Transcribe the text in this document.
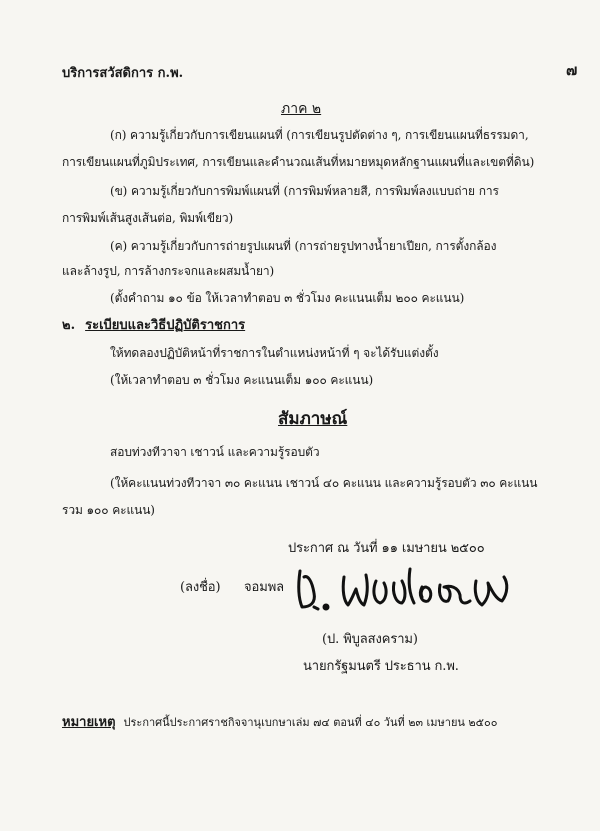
บริการสวัสดิการ ก.พ.	๗
ภาค ๒
(ก) ความรู้เกี่ยวกับการเขียนแผนที่ (การเขียนรูปตัดต่าง ๆ, การเขียนแผนที่ธรรมดา,
การเขียนแผนที่ภูมิประเทศ, การเขียนและคำนวณเส้นที่หมายหมุดหลักฐานแผนที่และเขตที่ดิน)
(ข) ความรู้เกี่ยวกับการพิมพ์แผนที่ (การพิมพ์หลายสี, การพิมพ์ลงแบบถ่าย การ
การพิมพ์เส้นสูงเส้นต่อ, พิมพ์เขียว)
(ค) ความรู้เกี่ยวกับการถ่ายรูปแผนที่ (การถ่ายรูปทางน้ำยาเปียก, การตั้งกล้อง
และล้างรูป, การล้างกระจกและผสมน้ำยา)
(ตั้งคำถาม ๑๐ ข้อ ให้เวลาทำตอบ ๓ ชั่วโมง คะแนนเต็ม ๒๐๐ คะแนน)
๒. ระเบียบและวิธีปฏิบัติราชการ
ให้ทดลองปฏิบัติหน้าที่ราชการในตำแหน่งหน้าที่ ๆ จะได้รับแต่งตั้ง
(ให้เวลาทำตอบ ๓ ชั่วโมง คะแนนเต็ม ๑๐๐ คะแนน)
สัมภาษณ์
สอบท่วงทีวาจา เชาวน์ และความรู้รอบตัว
(ให้คะแนนท่วงทีวาจา ๓๐ คะแนน เชาวน์ ๔๐ คะแนน และความรู้รอบตัว ๓๐ คะแนน
รวม ๑๐๐ คะแนน)
ประกาศ ณ วันที่ ๑๑ เมษายน ๒๕๐๐
(ลงชื่อ) จอมพล
(ป. พิบูลสงคราม)
นายกรัฐมนตรี ประธาน ก.พ.
หมายเหตุ ประกาศนี้ประกาศราชกิจจานุเบกษาเล่ม ๗๔ ตอนที่ ๔๐ วันที่ ๒๓ เมษายน ๒๕๐๐
